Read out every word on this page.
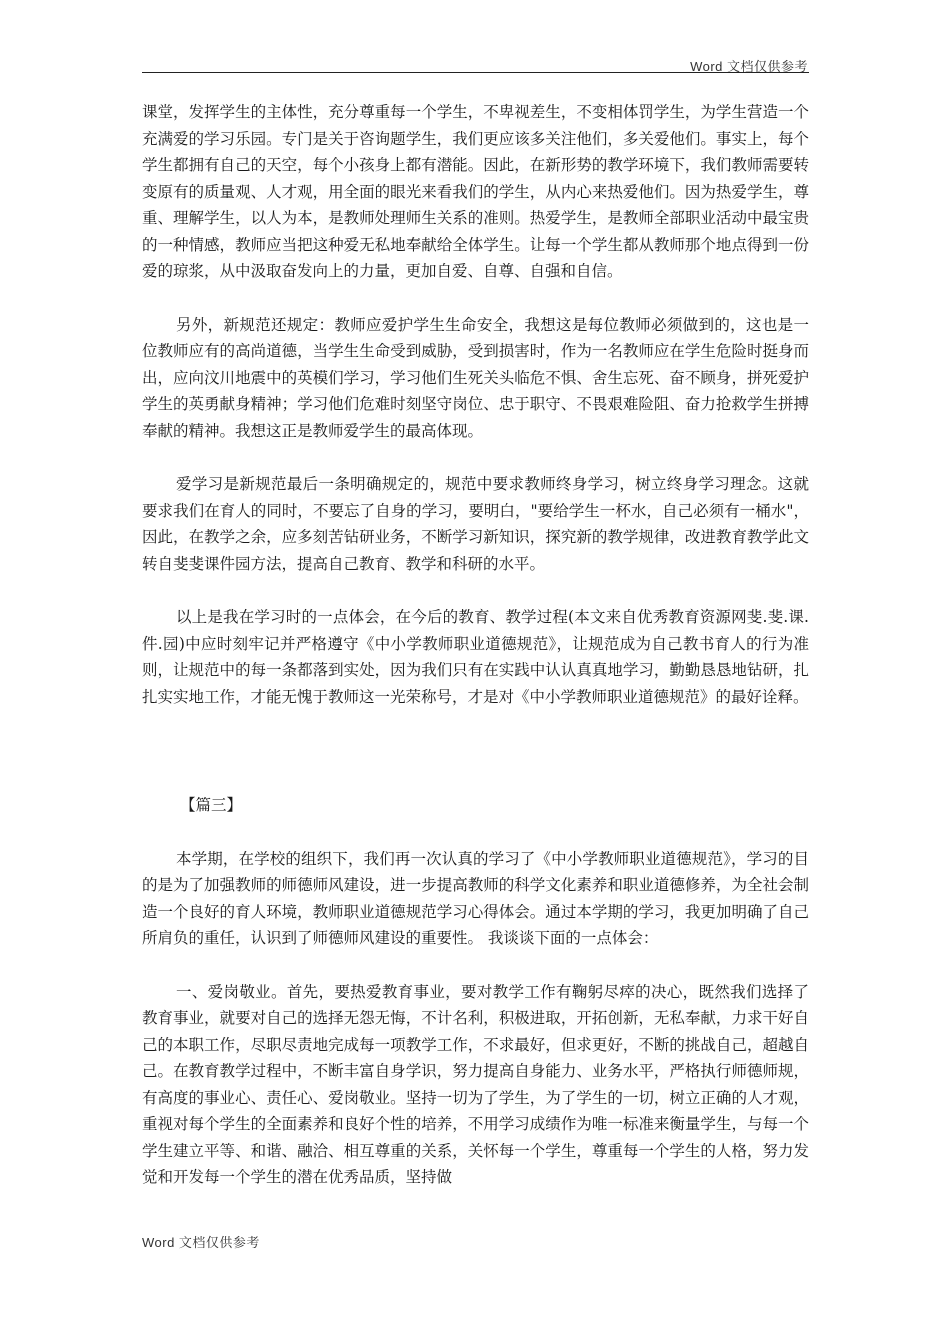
Word 文档仅供参考

课堂，发挥学生的主体性，充分尊重每一个学生，不卑视差生，不变相体罚学生，为学生营造一个充满爱的学习乐园。专门是关于咨询题学生，我们更应该多关注他们，多关爱他们。事实上，每个学生都拥有自己的天空，每个小孩身上都有潜能。因此，在新形势的教学环境下，我们教师需要转变原有的质量观、人才观，用全面的眼光来看我们的学生，从内心来热爱他们。因为热爱学生，尊重、理解学生，以人为本，是教师处理师生关系的准则。热爱学生，是教师全部职业活动中最宝贵的一种情感，教师应当把这种爱无私地奉献给全体学生。让每一个学生都从教师那个地点得到一份爱的琼浆，从中汲取奋发向上的力量，更加自爱、自尊、自强和自信。

另外，新规范还规定：教师应爱护学生生命安全，我想这是每位教师必须做到的，这也是一位教师应有的高尚道德，当学生生命受到威胁，受到损害时，作为一名教师应在学生危险时挺身而出，应向汶川地震中的英模们学习，学习他们生死关头临危不惧、舍生忘死、奋不顾身，拼死爱护学生的英勇献身精神；学习他们危难时刻坚守岗位、忠于职守、不畏艰难险阻、奋力抢救学生拼搏奉献的精神。我想这正是教师爱学生的最高体现。

爱学习是新规范最后一条明确规定的，规范中要求教师终身学习，树立终身学习理念。这就要求我们在育人的同时，不要忘了自身的学习，要明白，"要给学生一杯水，自己必须有一桶水"，因此，在教学之余，应多刻苦钻研业务，不断学习新知识，探究新的教学规律，改进教育教学此文转自斐斐课件园方法，提高自己教育、教学和科研的水平。

以上是我在学习时的一点体会，在今后的教育、教学过程(本文来自优秀教育资源网斐.斐.课.件.园)中应时刻牢记并严格遵守《中小学教师职业道德规范》，让规范成为自己教书育人的行为准则，让规范中的每一条都落到实处，因为我们只有在实践中认认真真地学习，勤勤恳恳地钻研，扎扎实实地工作，才能无愧于教师这一光荣称号，才是对《中小学教师职业道德规范》的最好诠释。

【篇三】

本学期，在学校的组织下，我们再一次认真的学习了《中小学教师职业道德规范》，学习的目的是为了加强教师的师德师风建设，进一步提高教师的科学文化素养和职业道德修养，为全社会制造一个良好的育人环境，教师职业道德规范学习心得体会。通过本学期的学习，我更加明确了自己所肩负的重任，认识到了师德师风建设的重要性。 我谈谈下面的一点体会：

一、爱岗敬业。首先，要热爱教育事业，要对教学工作有鞠躬尽瘁的决心，既然我们选择了教育事业，就要对自己的选择无怨无悔，不计名利，积极进取，开拓创新，无私奉献，力求干好自己的本职工作，尽职尽责地完成每一项教学工作，不求最好，但求更好，不断的挑战自己，超越自己。在教育教学过程中，不断丰富自身学识，努力提高自身能力、业务水平，严格执行师德师规，有高度的事业心、责任心、爱岗敬业。坚持一切为了学生，为了学生的一切，树立正确的人才观，重视对每个学生的全面素养和良好个性的培养，不用学习成绩作为唯一标准来衡量学生，与每一个学生建立平等、和谐、融洽、相互尊重的关系，关怀每一个学生，尊重每一个学生的人格，努力发觉和开发每一个学生的潜在优秀品质，坚持做

Word 文档仅供参考
